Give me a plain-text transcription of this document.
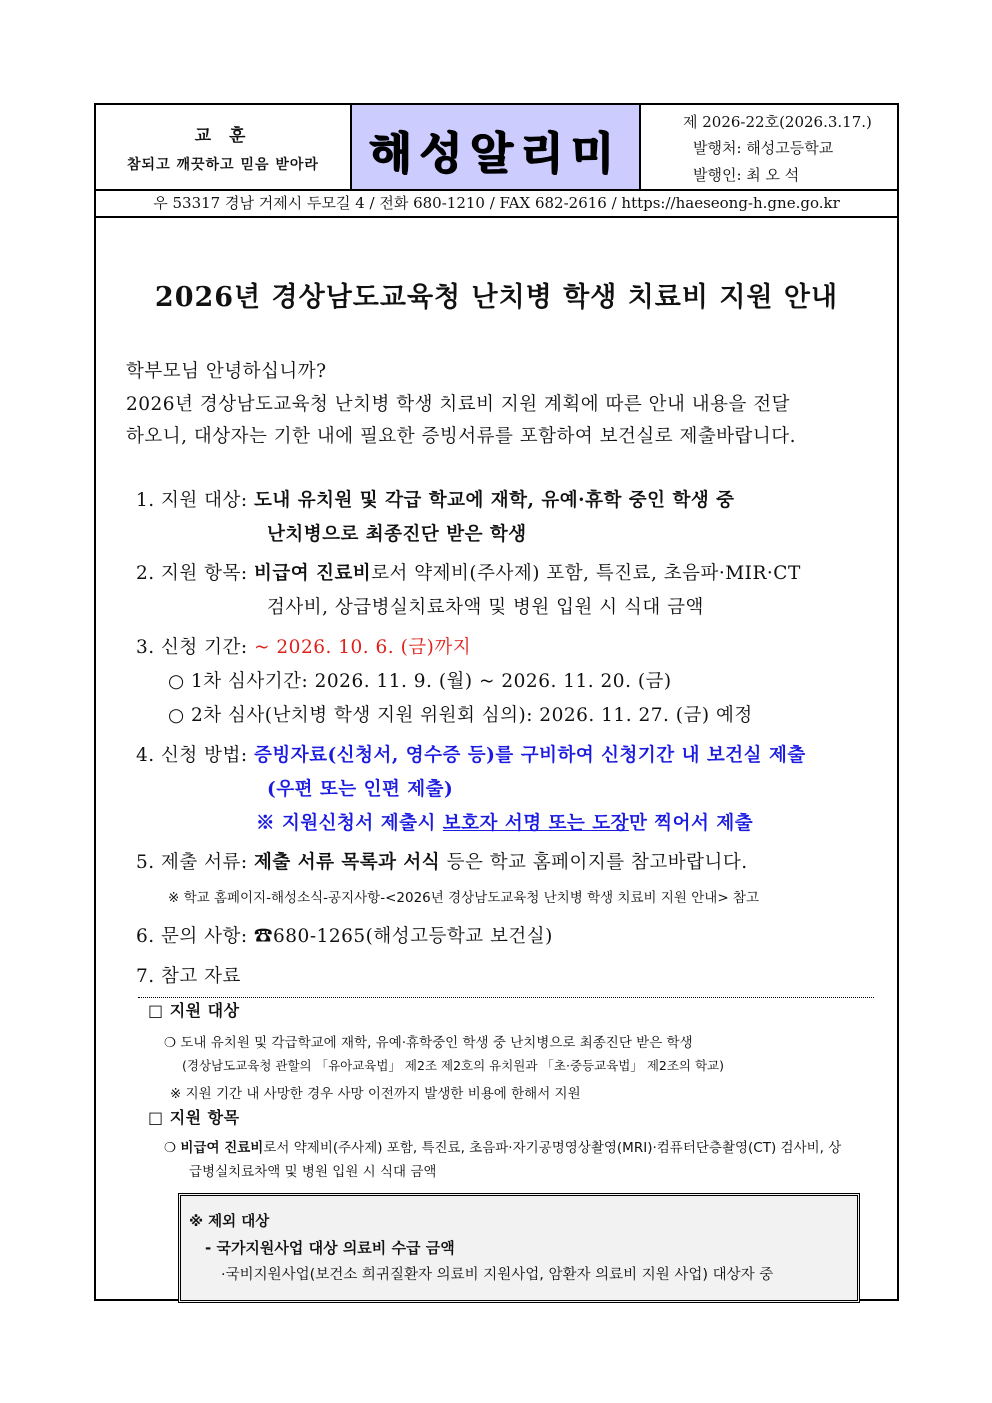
교 훈
참되고 깨끗하고 믿음 받아라	해성알리미
제 2026-22호(2026.3.17.)
발행처: 해성고등학교
발행인: 최 오 석
우 53317 경남 거제시 두모길 4 / 전화 680-1210 / FAX 682-2616 / https://haeseong-h.gne.go.kr
2026년 경상남도교육청 난치병 학생 치료비 지원 안내
학부모님 안녕하십니까?
2026년 경상남도교육청 난치병 학생 치료비 지원 계획에 따른 안내 내용을 전달
하오니, 대상자는 기한 내에 필요한 증빙서류를 포함하여 보건실로 제출바랍니다.
1. 지원 대상: 도내 유치원 및 각급 학교에 재학, 유예·휴학 중인 학생 중
난치병으로 최종진단 받은 학생
2. 지원 항목: 비급여 진료비로서 약제비(주사제) 포함, 특진료, 초음파·MIR·CT
검사비, 상급병실치료차액 및 병원 입원 시 식대 금액
3. 신청 기간: ~ 2026. 10. 6. (금)까지
○ 1차 심사기간: 2026. 11. 9. (월) ~ 2026. 11. 20. (금)
○ 2차 심사(난치병 학생 지원 위원회 심의): 2026. 11. 27. (금) 예정
4. 신청 방법: 증빙자료(신청서, 영수증 등)를 구비하여 신청기간 내 보건실 제출
(우편 또는 인편 제출)
※ 지원신청서 제출시 보호자 서명 또는 도장만 찍어서 제출
5. 제출 서류: 제출 서류 목록과 서식 등은 학교 홈페이지를 참고바랍니다.
※ 학교 홈페이지-해성소식-공지사항-<2026년 경상남도교육청 난치병 학생 치료비 지원 안내> 참고
6. 문의 사항: ☎680-1265(해성고등학교 보건실)
7. 참고 자료
□ 지원 대상
❍ 도내 유치원 및 각급학교에 재학, 유예·휴학중인 학생 중 난치병으로 최종진단 받은 학생
(경상남도교육청 관할의 「유아교육법」 제2조 제2호의 유치원과 「초·중등교육법」 제2조의 학교)
※ 지원 기간 내 사망한 경우 사망 이전까지 발생한 비용에 한해서 지원
□ 지원 항목
❍ 비급여 진료비로서 약제비(주사제) 포함, 특진료, 초음파·자기공명영상촬영(MRI)·컴퓨터단층촬영(CT) 검사비, 상
급병실치료차액 및 병원 입원 시 식대 금액
※ 제외 대상
- 국가지원사업 대상 의료비 수급 금액
·국비지원사업(보건소 희귀질환자 의료비 지원사업, 암환자 의료비 지원 사업) 대상자 중
